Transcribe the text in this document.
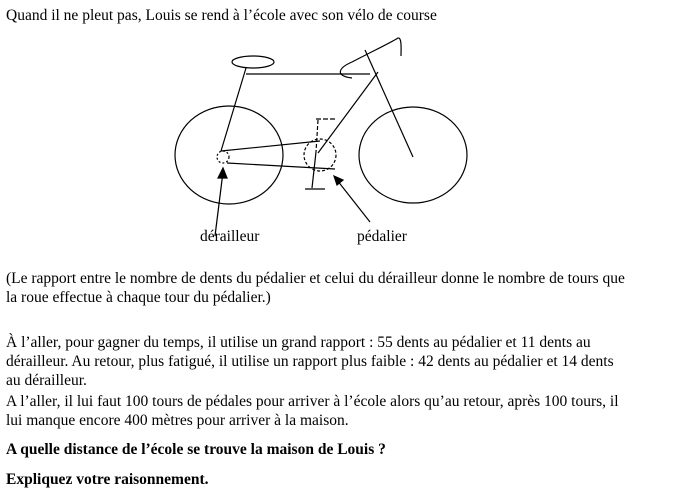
Quand il ne pleut pas, Louis se rend à l’école avec son vélo de course
dérailleur	pédalier
(Le rapport entre le nombre de dents du pédalier et celui du dérailleur donne le nombre de tours que
la roue effectue à chaque tour du pédalier.)
À l’aller, pour gagner du temps, il utilise un grand rapport : 55 dents au pédalier et 11 dents au
dérailleur. Au retour, plus fatigué, il utilise un rapport plus faible : 42 dents au pédalier et 14 dents
au dérailleur.
A l’aller, il lui faut 100 tours de pédales pour arriver à l’école alors qu’au retour, après 100 tours, il
lui manque encore 400 mètres pour arriver à la maison.
A quelle distance de l’école se trouve la maison de Louis ?
Expliquez votre raisonnement.
